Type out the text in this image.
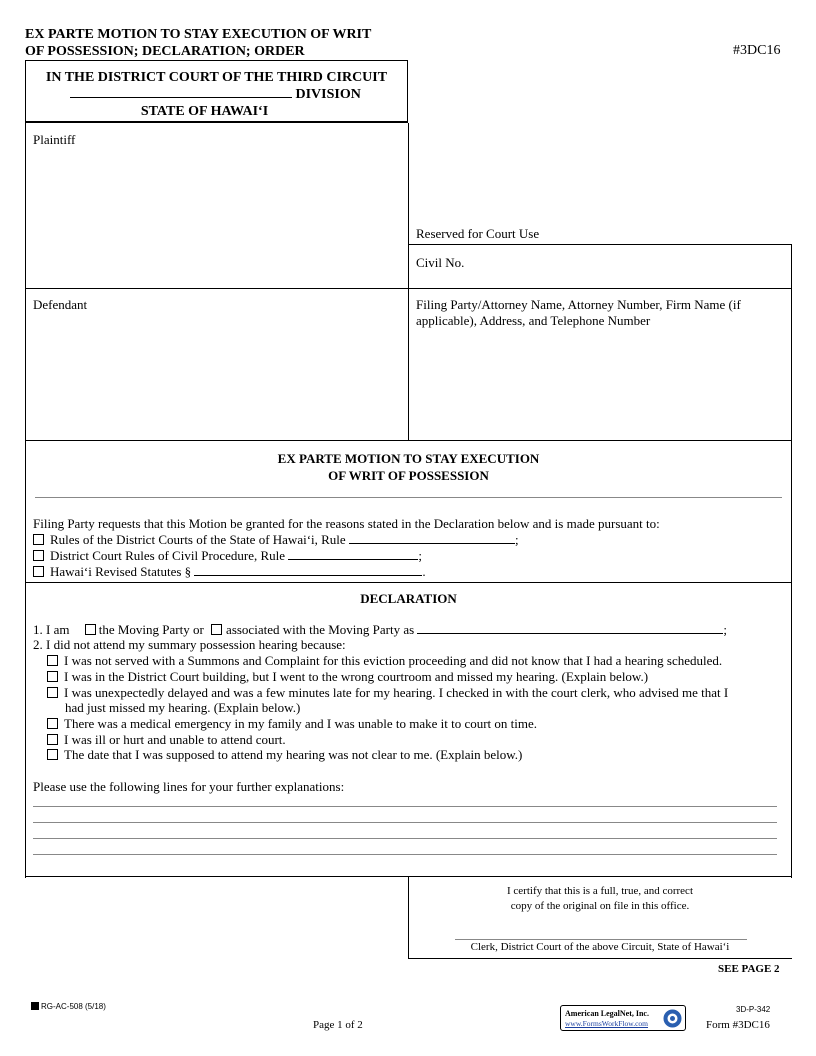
EX PARTE MOTION TO STAY EXECUTION OF WRIT
OF POSSESSION; DECLARATION; ORDER	#3DC16
IN THE DISTRICT COURT OF THE THIRD CIRCUIT
DIVISION
STATE OF HAWAI‘I
Plaintiff
Reserved for Court Use
Civil No.
Defendant	Filing Party/Attorney Name, Attorney Number, Firm Name (if applicable), Address, and Telephone Number
EX PARTE MOTION TO STAY EXECUTION
OF WRIT OF POSSESSION
Filing Party requests that this Motion be granted for the reasons stated in the Declaration below and is made pursuant to:
Rules of the District Courts of the State of Hawai‘i, Rule	;
District Court Rules of Civil Procedure, Rule	;
Hawai‘i Revised Statutes §	.
DECLARATION
1. I am the Moving Party or associated with the Moving Party as	;
2. I did not attend my summary possession hearing because:
I was not served with a Summons and Complaint for this eviction proceeding and did not know that I had a hearing scheduled.
I was in the District Court building, but I went to the wrong courtroom and missed my hearing. (Explain below.)
I was unexpectedly delayed and was a few minutes late for my hearing. I checked in with the court clerk, who advised me that I
had just missed my hearing. (Explain below.)
There was a medical emergency in my family and I was unable to make it to court on time.
I was ill or hurt and unable to attend court.
The date that I was supposed to attend my hearing was not clear to me. (Explain below.)
Please use the following lines for your further explanations:
I certify that this is a full, true, and correct
copy of the original on file in this office.
Clerk, District Court of the above Circuit, State of Hawai‘i
SEE PAGE 2
RG-AC-508 (5/18)
Page 1 of 2
American LegalNet, Inc.
www.FormsWorkFlow.com
3D-P-342
Form #3DC16
